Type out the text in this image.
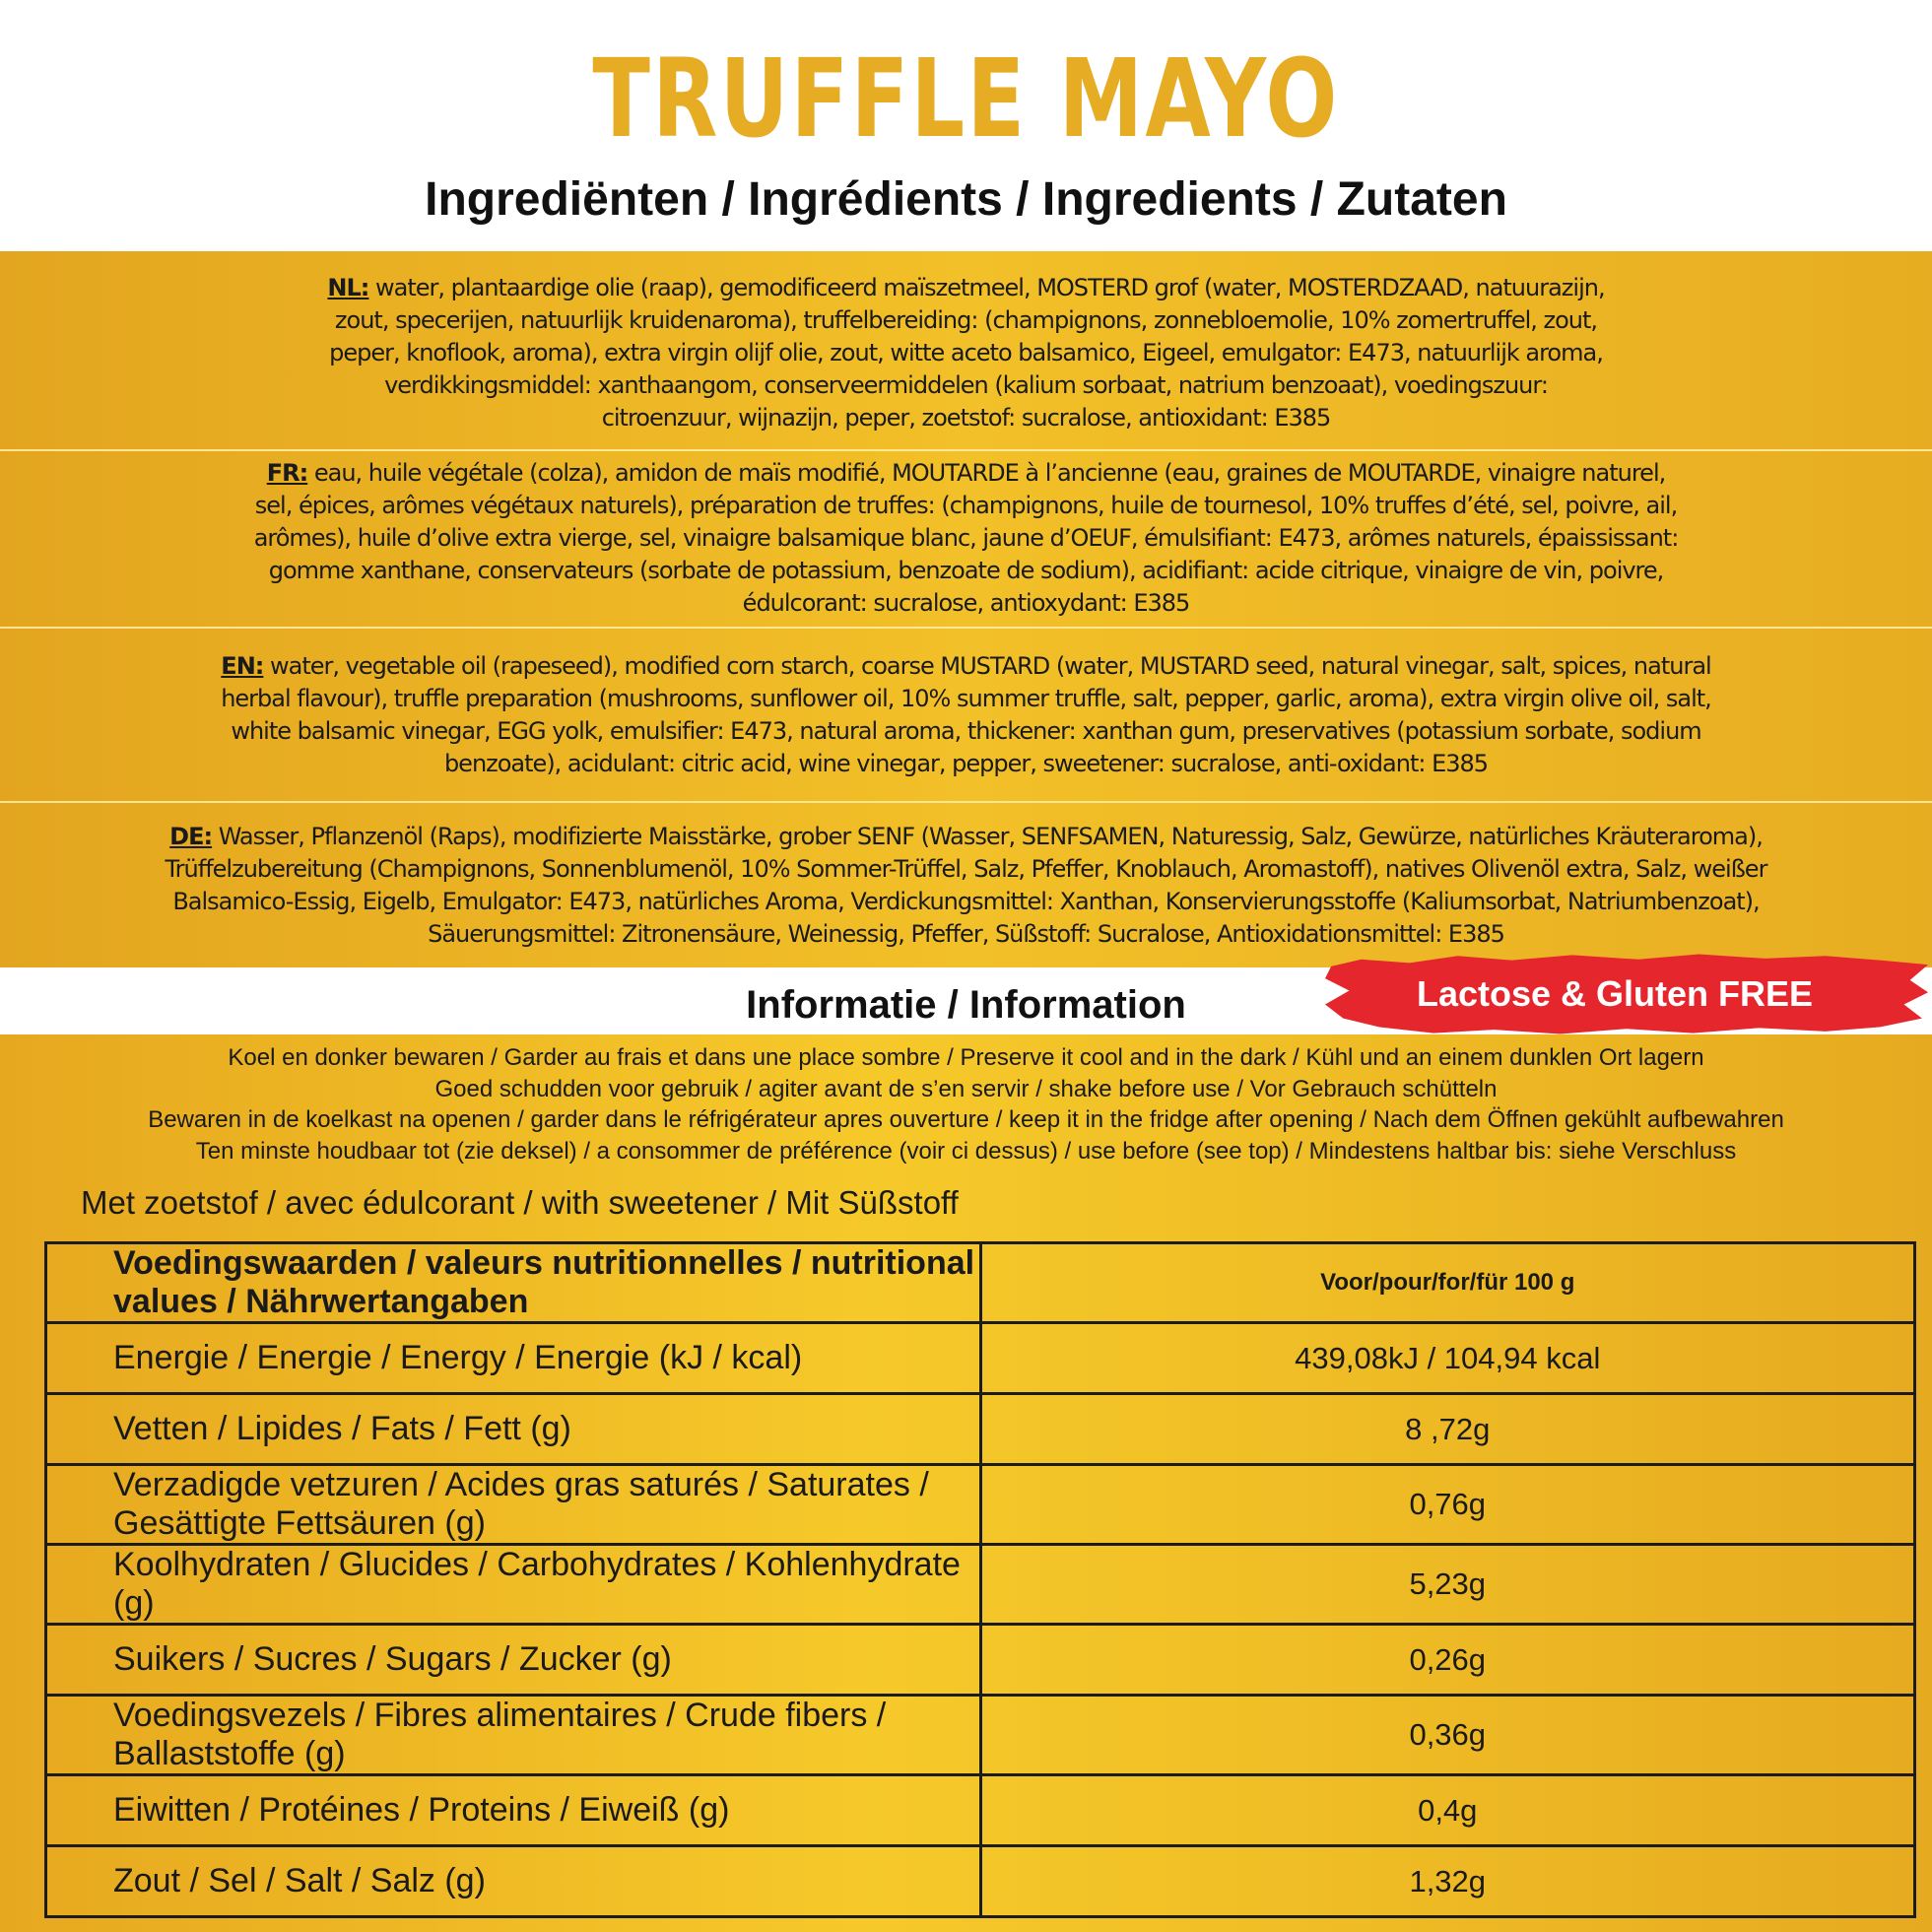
TRUFFLE MAYO
Ingrediënten / Ingrédients / Ingredients / Zutaten

NL: water, plantaardige olie (raap), gemodificeerd maïszetmeel, MOSTERD grof (water, MOSTERDZAAD, natuurazijn,

zout, specerijen, natuurlijk kruidenaroma), truffelbereiding: (champignons, zonnebloemolie, 10% zomertruffel, zout,

peper, knoflook, aroma), extra virgin olijf olie, zout, witte aceto balsamico, Eigeel, emulgator: E473, natuurlijk aroma,

verdikkingsmiddel: xanthaangom, conserveermiddelen (kalium sorbaat, natrium benzoaat), voedingszuur:

citroenzuur, wijnazijn, peper, zoetstof: sucralose, antioxidant: E385

FR: eau, huile végétale (colza), amidon de maïs modifié, MOUTARDE à l’ancienne (eau, graines de MOUTARDE, vinaigre naturel,

sel, épices, arômes végétaux naturels), préparation de truffes: (champignons, huile de tournesol, 10% truffes d’été, sel, poivre, ail,

arômes), huile d’olive extra vierge, sel, vinaigre balsamique blanc, jaune d’OEUF, émulsifiant: E473, arômes naturels, épaississant:

gomme xanthane, conservateurs (sorbate de potassium, benzoate de sodium), acidifiant: acide citrique, vinaigre de vin, poivre,

édulcorant: sucralose, antioxydant: E385

EN: water, vegetable oil (rapeseed), modified corn starch, coarse MUSTARD (water, MUSTARD seed, natural vinegar, salt, spices, natural

herbal flavour), truffle preparation (mushrooms, sunflower oil, 10% summer truffle, salt, pepper, garlic, aroma), extra virgin olive oil, salt,

white balsamic vinegar, EGG yolk, emulsifier: E473, natural aroma, thickener: xanthan gum, preservatives (potassium sorbate, sodium

benzoate), acidulant: citric acid, wine vinegar, pepper, sweetener: sucralose, anti-oxidant: E385

DE: Wasser, Pflanzenöl (Raps), modifizierte Maisstärke, grober SENF (Wasser, SENFSAMEN, Naturessig, Salz, Gewürze, natürliches Kräuteraroma),

Trüffelzubereitung (Champignons, Sonnenblumenöl, 10% Sommer-Trüffel, Salz, Pfeffer, Knoblauch, Aromastoff), natives Olivenöl extra, Salz, weißer

Balsamico-Essig, Eigelb, Emulgator: E473, natürliches Aroma, Verdickungsmittel: Xanthan, Konservierungsstoffe (Kaliumsorbat, Natriumbenzoat),

Säuerungsmittel: Zitronensäure, Weinessig, Pfeffer, Süßstoff: Sucralose, Antioxidationsmittel: E385

Informatie / Information	Lactose & Gluten FREE
Koel en donker bewaren / Garder au frais et dans une place sombre / Preserve it cool and in the dark / Kühl und an einem dunklen Ort lagern
Goed schudden voor gebruik / agiter avant de s’en servir / shake before use / Vor Gebrauch schütteln
Bewaren in de koelkast na openen / garder dans le réfrigérateur apres ouverture / keep it in the fridge after opening / Nach dem Öffnen gekühlt aufbewahren
Ten minste houdbaar tot (zie deksel) / a consommer de préférence (voir ci dessus) / use before (see top) / Mindestens haltbar bis: siehe Verschluss
Met zoetstof / avec édulcorant / with sweetener / Mit Süßstoff
Voedingswaarden / valeurs nutritionnelles / nutritional values / Nährwertangaben	Voor/pour/for/für 100 g
Energie / Energie / Energy / Energie (kJ / kcal)	439,08kJ / 104,94 kcal
Vetten / Lipides / Fats / Fett (g)	8 ,72g
Verzadigde vetzuren / Acides gras saturés / Saturates / Gesättigte Fettsäuren (g)	0,76g
Koolhydraten / Glucides / Carbohydrates / Kohlenhydrate (g)	5,23g
Suikers / Sucres / Sugars / Zucker (g)	0,26g
Voedingsvezels / Fibres alimentaires / Crude fibers / Ballaststoffe (g)	0,36g
Eiwitten / Protéines / Proteins / Eiweiß (g)	0,4g
Zout / Sel / Salt / Salz (g)	1,32g
